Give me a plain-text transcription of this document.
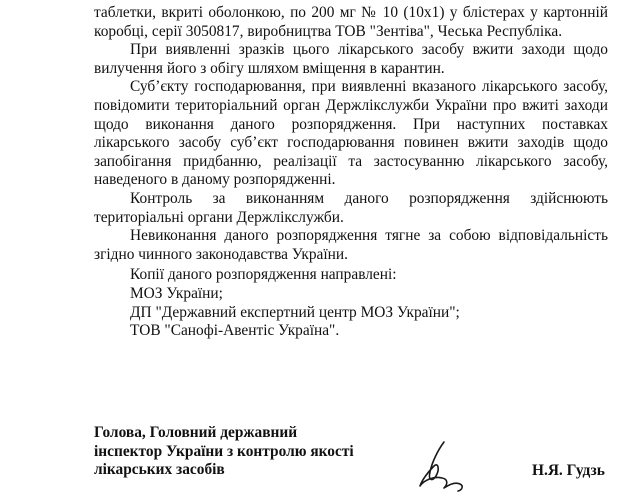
таблетки, вкриті оболонкою, по 200 мг № 10 (10х1) у блістерах у картонній коробці, серії 3050817, виробництва ТОВ "Зентіва", Чеська Республіка.

При виявленні зразків цього лікарського засобу вжити заходи щодо вилучення його з обігу шляхом вміщення в карантин.

Суб’єкту господарювання, при виявленні вказаного лікарського засобу, повідомити територіальний орган Держлікслужби України про вжиті заходи щодо виконання даного розпорядження. При наступних поставках лікарського засобу суб’єкт господарювання повинен вжити заходів щодо запобігання придбанню, реалізації та застосуванню лікарського засобу, наведеного в даному розпорядженні.

Контроль за виконанням даного розпорядження здійснюють територіальні органи Держлікслужби.

Невиконання даного розпорядження тягне за собою відповідальність згідно чинного законодавства України.

Копії даного розпорядження направлені:
МОЗ України;
ДП "Державний експертний центр МОЗ України";
ТОВ "Санофі-Авентіс Україна".
Голова, Головний державний
інспектор України з контролю якості
лікарських засобів	Н.Я. Гудзь
